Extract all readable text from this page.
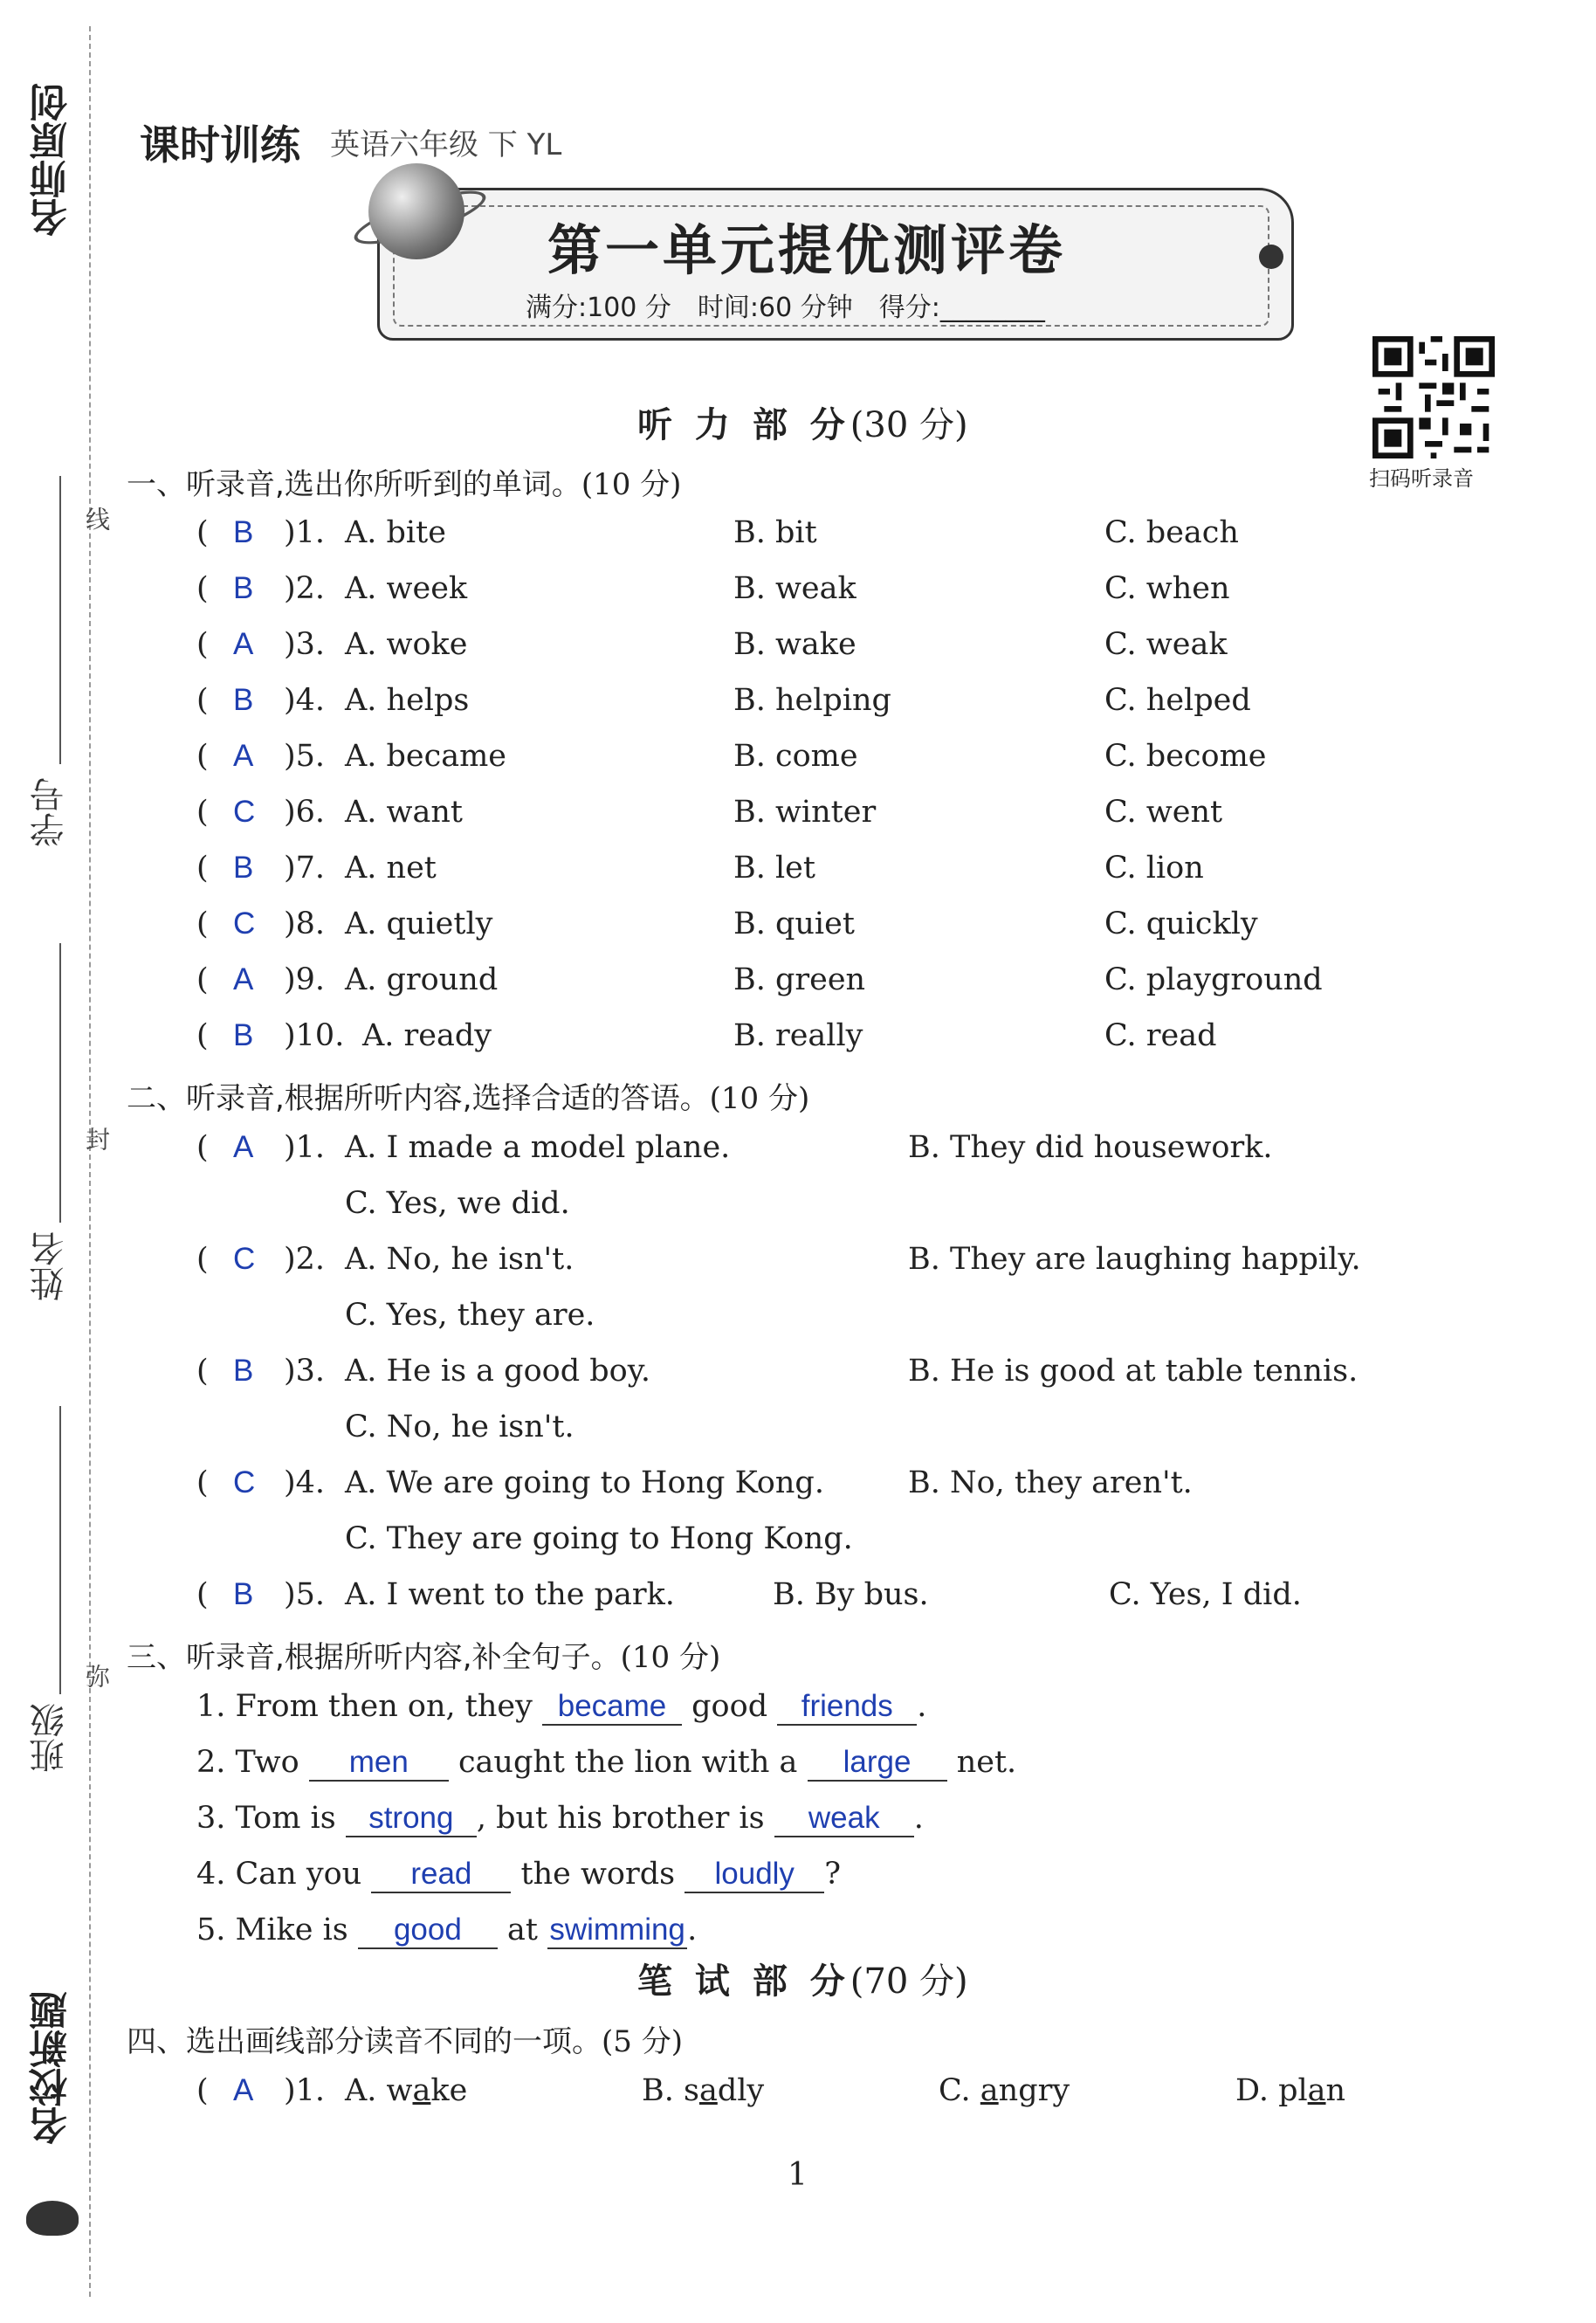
名师原创
学号
姓名
班级
线
封
弥
名校新题
课时训练 英语六年级 下 YL
第一单元提优测评卷
满分:100 分　时间:60 分钟　得分:________
扫码听录音
听 力 部 分(30 分)
一、听录音,选出你所听到的单词。(10 分)
( B )1. A. bite	B. bit	C. beach
( B )2. A. week	B. weak	C. when
( A )3. A. woke	B. wake	C. weak
( B )4. A. helps	B. helping	C. helped
( A )5. A. became	B. come	C. become
( C )6. A. want	B. winter	C. went
( B )7. A. net	B. let	C. lion
( C )8. A. quietly	B. quiet	C. quickly
( A )9. A. ground	B. green	C. playground
( B )10. A. ready	B. really	C. read
二、听录音,根据所听内容,选择合适的答语。(10 分)
( A )1. A. I made a model plane.	B. They did housework.
C. Yes, we did.
( C )2. A. No, he isn't.	B. They are laughing happily.
C. Yes, they are.
( B )3. A. He is a good boy.	B. He is good at table tennis.
C. No, he isn't.
( C )4. A. We are going to Hong Kong.	B. No, they aren't.
C. They are going to Hong Kong.
( B )5. A. I went to the park.	B. By bus.	C. Yes, I did.
三、听录音,根据所听内容,补全句子。(10 分)
1. From then on, they became good friends .
2. Two men caught the lion with a large net.
3. Tom is strong , but his brother is weak .
4. Can you read the words loudly ?
5. Mike is good at swimming.
笔 试 部 分(70 分)
四、选出画线部分读音不同的一项。(5 分)
( A )1. A. wake	B. sadly	C. angry	D. plan
1
